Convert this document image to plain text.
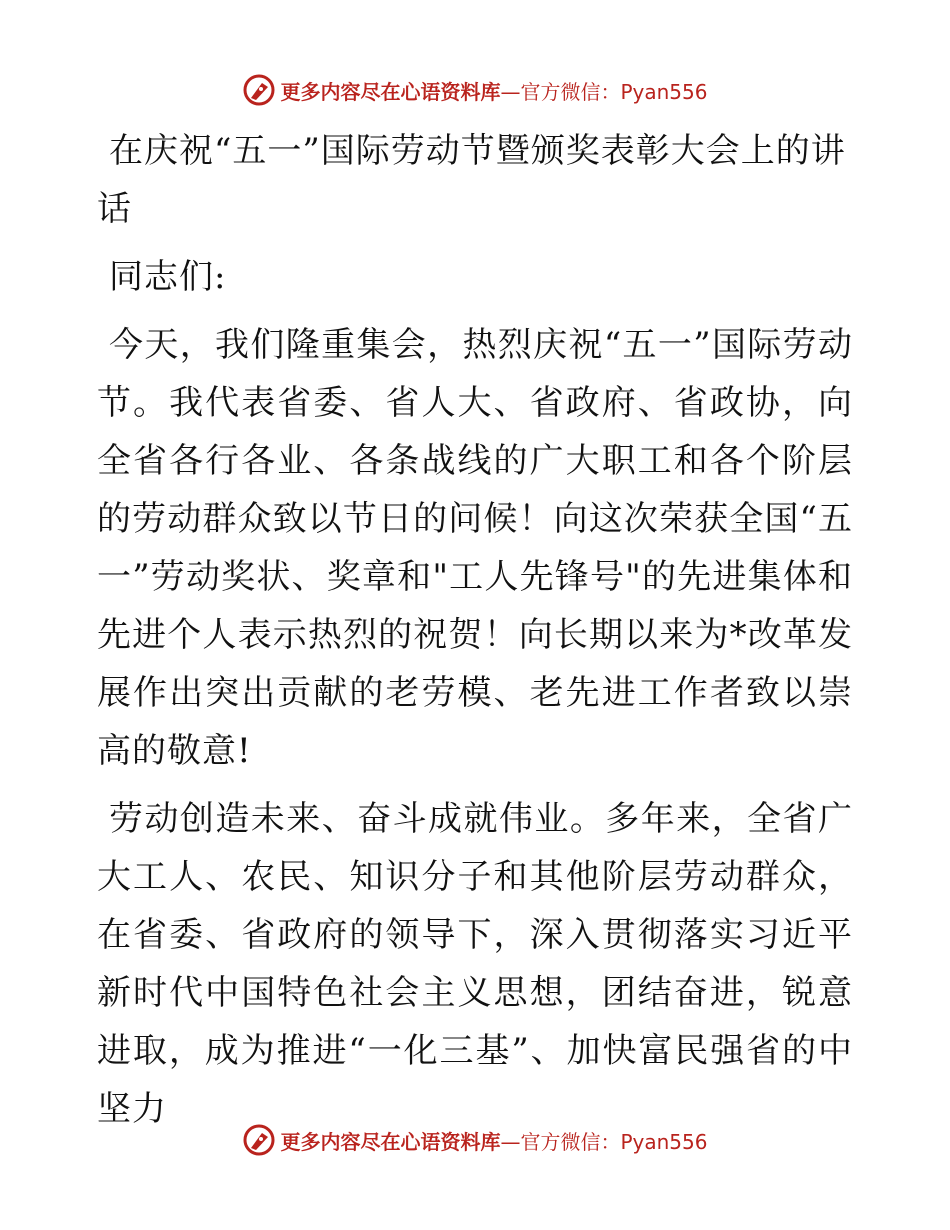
更多内容尽在心语资料库 —官方微信：Pyan556
在庆祝“五一”国际劳动节暨颁奖表彰大会上的讲话

同志们:

今天，我们隆重集会，热烈庆祝“五一”国际劳动节。我代表省委、省人大、省政府、省政协，向全省各行各业、各条战线的广大职工和各个阶层的劳动群众致以节日的问候！向这次荣获全国“五一”劳动奖状、奖章和"工人先锋号"的先进集体和先进个人表示热烈的祝贺！向长期以来为*改革发展作出突出贡献的老劳模、老先进工作者致以崇高的敬意!

劳动创造未来、奋斗成就伟业。多年来，全省广大工人、农民、知识分子和其他阶层劳动群众，在省委、省政府的领导下，深入贯彻落实习近平新时代中国特色社会主义思想，团结奋进，锐意进取，成为推进“一化三基”、加快富民强省的中坚力

更多内容尽在心语资料库 —官方微信：Pyan556
